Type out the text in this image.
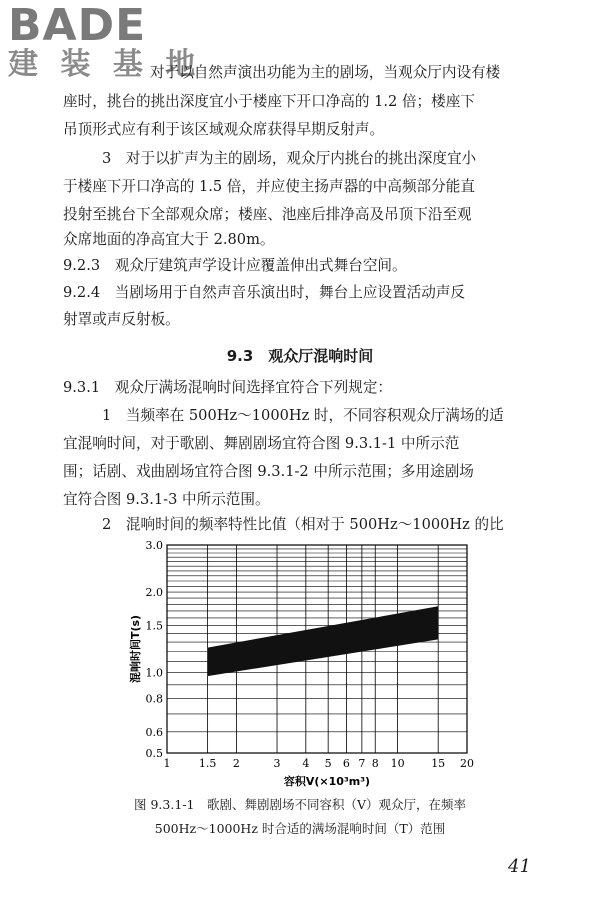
BADE
建 装 基 地
对于以自然声演出功能为主的剧场，当观众厅内设有楼
座时，挑台的挑出深度宜小于楼座下开口净高的 1.2 倍；楼座下
吊顶形式应有利于该区域观众席获得早期反射声。
3　对于以扩声为主的剧场，观众厅内挑台的挑出深度宜小
于楼座下开口净高的 1.5 倍，并应使主扬声器的中高频部分能直
投射至挑台下全部观众席；楼座、池座后排净高及吊顶下沿至观
众席地面的净高宜大于 2.80m。
9.2.3　观众厅建筑声学设计应覆盖伸出式舞台空间。
9.2.4　当剧场用于自然声音乐演出时，舞台上应设置活动声反
射罩或声反射板。
9.3　观众厅混响时间
9.3.1　观众厅满场混响时间选择宜符合下列规定：
1　当频率在 500Hz～1000Hz 时，不同容积观众厅满场的适
宜混响时间，对于歌剧、舞剧剧场宜符合图 9.3.1-1 中所示范
围；话剧、戏曲剧场宜符合图 9.3.1-2 中所示范围；多用途剧场
宜符合图 9.3.1-3 中所示范围。
2　混响时间的频率特性比值（相对于 500Hz～1000Hz 的比
1	1.5 2	3 4 5 6 7 8 10 15 20
0.5
0.6
0.8
1.0
1.5
2.0
3.0
容积V(×10³m³)
混响时间T(s)
图 9.3.1-1　歌剧、舞剧剧场不同容积（V）观众厅，在频率
500Hz～1000Hz 时合适的满场混响时间（T）范围
41
